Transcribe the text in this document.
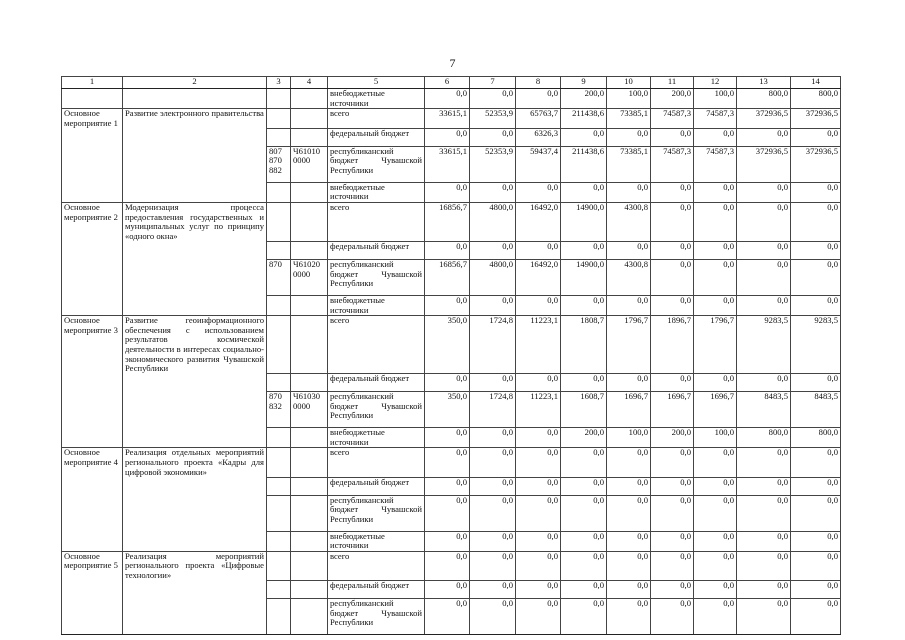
7
1	2	3	4	5	6	7	8	9	10	11	12	13	14
				внебюджетные источники	0,0	0,0	0,0	200,0	100,0	200,0	100,0	800,0	800,0
Основное мероприятие 1	Развитие электронного правительства			всего	33615,1	52353,9	65763,7	211438,6	73385,1	74587,3	74587,3	372936,5	372936,5
				федеральный бюджет	0,0	0,0	6326,3	0,0	0,0	0,0	0,0	0,0	0,0
		807 870 882	Ч61010 0000	республиканский бюджет Чувашской Республики	33615,1	52353,9	59437,4	211438,6	73385,1	74587,3	74587,3	372936,5	372936,5
				внебюджетные источники	0,0	0,0	0,0	0,0	0,0	0,0	0,0	0,0	0,0
Основное мероприятие 2	Модернизация процесса предоставления государственных и муниципальных услуг по принципу «одного окна»			всего	16856,7	4800,0	16492,0	14900,0	4300,8	0,0	0,0	0,0	0,0
				федеральный бюджет	0,0	0,0	0,0	0,0	0,0	0,0	0,0	0,0	0,0
		870	Ч61020 0000	республиканский бюджет Чувашской Республики	16856,7	4800,0	16492,0	14900,0	4300,8	0,0	0,0	0,0	0,0
				внебюджетные источники	0,0	0,0	0,0	0,0	0,0	0,0	0,0	0,0	0,0
Основное мероприятие 3	Развитие геоинформационного обеспечения с использованием результатов космической деятельности в интересах социально-экономического развития Чувашской Республики			всего	350,0	1724,8	11223,1	1808,7	1796,7	1896,7	1796,7	9283,5	9283,5
				федеральный бюджет	0,0	0,0	0,0	0,0	0,0	0,0	0,0	0,0	0,0
		870 832	Ч61030 0000	республиканский бюджет Чувашской Республики	350,0	1724,8	11223,1	1608,7	1696,7	1696,7	1696,7	8483,5	8483,5
				внебюджетные источники	0,0	0,0	0,0	200,0	100,0	200,0	100,0	800,0	800,0
Основное мероприятие 4	Реализация отдельных мероприятий регионального проекта «Кадры для цифровой экономики»			всего	0,0	0,0	0,0	0,0	0,0	0,0	0,0	0,0	0,0
				федеральный бюджет	0,0	0,0	0,0	0,0	0,0	0,0	0,0	0,0	0,0
				республиканский бюджет Чувашской Республики	0,0	0,0	0,0	0,0	0,0	0,0	0,0	0,0	0,0
				внебюджетные источники	0,0	0,0	0,0	0,0	0,0	0,0	0,0	0,0	0,0
Основное мероприятие 5	Реализация мероприятий регионального проекта «Цифровые технологии»			всего	0,0	0,0	0,0	0,0	0,0	0,0	0,0	0,0	0,0
				федеральный бюджет	0,0	0,0	0,0	0,0	0,0	0,0	0,0	0,0	0,0
				республиканский бюджет Чувашской Республики	0,0	0,0	0,0	0,0	0,0	0,0	0,0	0,0	0,0
